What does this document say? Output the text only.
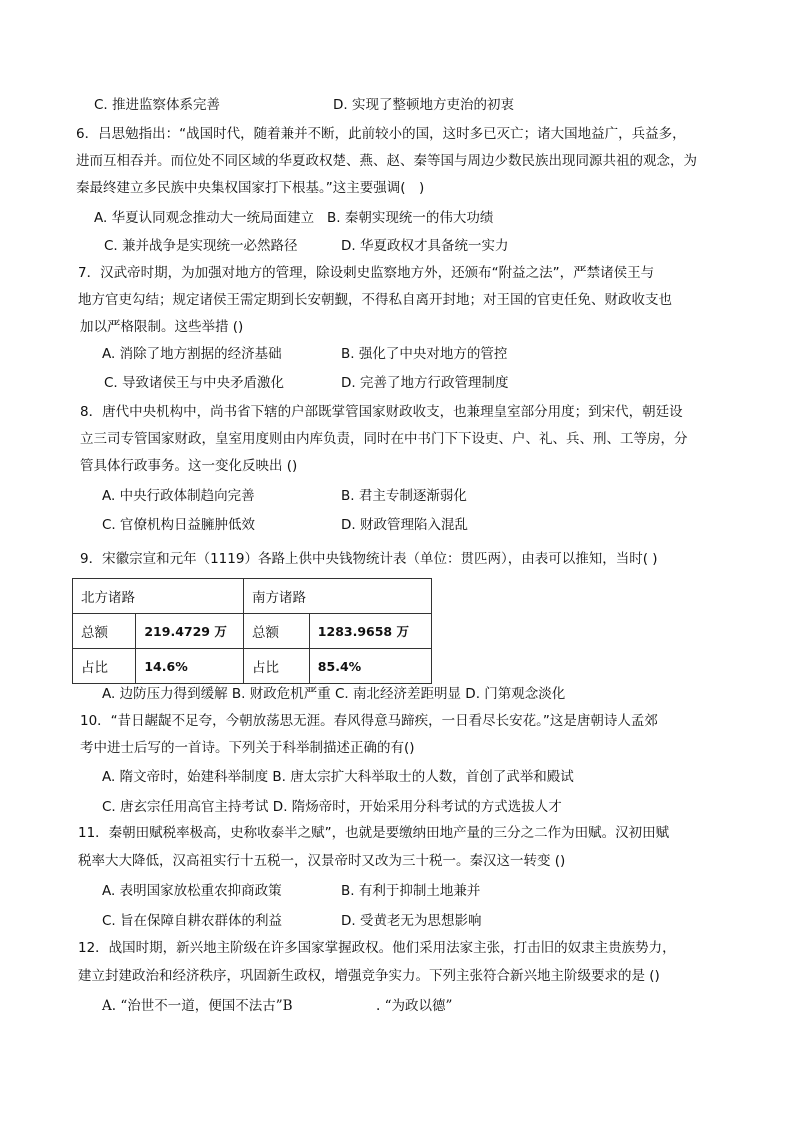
C. 推进监察体系完善	D. 实现了整顿地方吏治的初衷
6．吕思勉指出：“战国时代，随着兼并不断，此前较小的国，这时多已灭亡；诸大国地益广，兵益多，
进而互相吞并。而位处不同区域的华夏政权楚、燕、赵、秦等国与周边少数民族出现同源共祖的观念，为
秦最终建立多民族中央集权国家打下根基。”这主要强调(　)
A. 华夏认同观念推动大一统局面建立 B. 秦朝实现统一的伟大功绩
C. 兼并战争是实现统一必然路径	D. 华夏政权才具备统一实力
7．汉武帝时期，为加强对地方的管理，除设刺史监察地方外，还颁布“附益之法”，严禁诸侯王与
地方官吏勾结；规定诸侯王需定期到长安朝觐，不得私自离开封地；对王国的官吏任免、财政收支也
加以严格限制。这些举措 ()
A. 消除了地方割据的经济基础	B. 强化了中央对地方的管控
C. 导致诸侯王与中央矛盾激化	D. 完善了地方行政管理制度
8．唐代中央机构中，尚书省下辖的户部既掌管国家财政收支，也兼理皇室部分用度；到宋代，朝廷设
立三司专管国家财政，皇室用度则由内库负责，同时在中书门下下设吏、户、礼、兵、刑、工等房，分
管具体行政事务。这一变化反映出 ()
A. 中央行政体制趋向完善	B. 君主专制逐渐弱化
C. 官僚机构日益臃肿低效	D. 财政管理陷入混乱
9．宋徽宗宣和元年（1119）各路上供中央钱物统计表（单位：贯匹两），由表可以推知，当时( )
北方诸路		南方诸路	
总额	219.4729 万	总额	1283.9658 万
占比	14.6%	占比	85.4%
A. 边防压力得到缓解 B. 财政危机严重 C. 南北经济差距明显 D. 门第观念淡化
10．“昔日龌龊不足夸，今朝放荡思无涯。春风得意马蹄疾，一日看尽长安花。”这是唐朝诗人孟郊
考中进士后写的一首诗。下列关于科举制描述正确的有()
A. 隋文帝时，始建科举制度 B. 唐太宗扩大科举取士的人数，首创了武举和殿试
C. 唐玄宗任用高官主持考试 D. 隋炀帝时，开始采用分科考试的方式选拔人才
11．秦朝田赋税率极高，史称收泰半之赋”，也就是要缴纳田地产量的三分之二作为田赋。汉初田赋
税率大大降低，汉高祖实行十五税一，汉景帝时又改为三十税一。秦汉这一转变 ()
A. 表明国家放松重农抑商政策	B. 有利于抑制土地兼并
C. 旨在保障自耕农群体的利益	D. 受黄老无为思想影响
12．战国时期，新兴地主阶级在许多国家掌握政权。他们采用法家主张，打击旧的奴隶主贵族势力，
建立封建政治和经济秩序，巩固新生政权，增强竞争实力。下列主张符合新兴地主阶级要求的是 ()
A. “治世不一道，便国不法古”B	. “为政以德”
